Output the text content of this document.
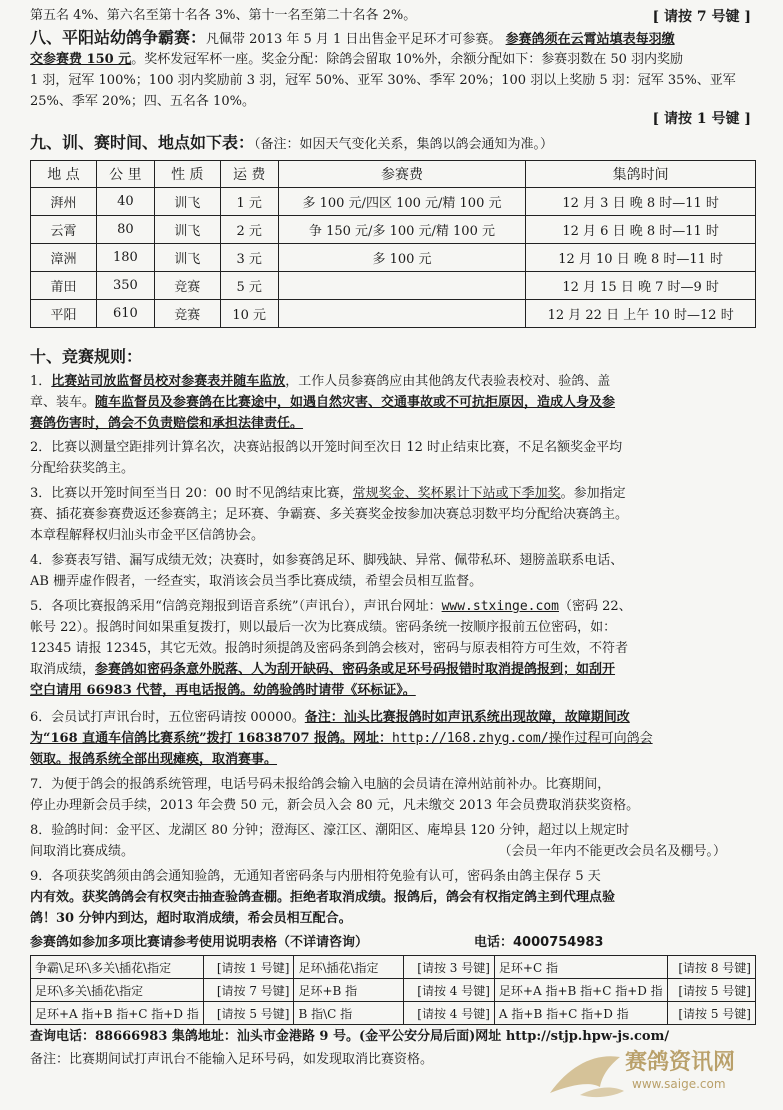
第五名 4%、第六名至第十名各 3%、第十一名至第二十名各 2%。	[ 请按 7 号键 ]
八、平阳站幼鸽争霸赛：凡佩带 2013 年 5 月 1 日出售金平足环才可参赛。 参赛鸽须在云霄站填表每羽缴
交参赛费 150 元。奖杯发冠军杯一座。奖金分配：除鸽会留取 10%外，余额分配如下：参赛羽数在 50 羽内奖励
1 羽，冠军 100%；100 羽内奖励前 3 羽，冠军 50%、亚军 30%、季军 20%；100 羽以上奖励 5 羽：冠军 35%、亚军
25%、季军 20%；四、五名各 10%。
[ 请按 1 号键 ]
九、训、赛时间、地点如下表：（备注：如因天气变化关系，集鸽以鸽会通知为准。）
地 点	公 里	性 质	运 费	参赛费	集鸽时间
湃州	40	训飞	1 元	多 100 元/四区 100 元/精 100 元	12 月 3 日 晚 8 时—11 时
云霄	80	训飞	2 元	争 150 元/多 100 元/精 100 元	12 月 6 日 晚 8 时—11 时
漳洲	180	训飞	3 元	多 100 元	12 月 10 日 晚 8 时—11 时
莆田	350	竞赛	5 元		12 月 15 日 晚 7 时—9 时
平阳	610	竞赛	10 元		12 月 22 日 上午 10 时—12 时
十、竞赛规则：
1．比赛站司放监督员校对参赛表并随车监放，工作人员参赛鸽应由其他鸽友代表验表校对、验鸽、盖
章、装车。随车监督员及参赛鸽在比赛途中，如遇自然灾害、交通事故或不可抗拒原因，造成人身及参
赛鸽伤害时，鸽会不负责赔偿和承担法律责任。
2．比赛以测量空距排列计算名次，决赛站报鸽以开笼时间至次日 12 时止结束比赛，不足名额奖金平均
分配给获奖鸽主。
3．比赛以开笼时间至当日 20：00 时不见鸽结束比赛，常规奖金、奖杯累计下站或下季加奖。参加指定
赛、插花赛参赛费返还参赛鸽主；足环赛、争霸赛、多关赛奖金按参加决赛总羽数平均分配给决赛鸽主。
本章程解释权归汕头市金平区信鸽协会。
4．参赛表写错、漏写成绩无效；决赛时，如参赛鸽足环、脚残缺、异常、佩带私环、翅膀盖联系电话、
AB 栅弄虚作假者，一经查实，取消该会员当季比赛成绩，希望会员相互监督。
5．各项比赛报鸽采用“信鸽竞翔报到语音系统”（声讯台），声讯台网址：www.stxinge.com（密码 22、
帐号 22）。报鸽时间如果重复拨打，则以最后一次为比赛成绩。密码条统一按顺序报前五位密码，如：
12345 请报 12345，其它无效。报鸽时须提鸽及密码条到鸽会核对，密码与原表相符方可生效，不符者
取消成绩，参赛鸽如密码条意外脱落、人为刮开缺码、密码条或足环号码报错时取消提鸽报到；如刮开
空白请用 66983 代替，再电话报鸽。幼鸽验鸽时请带《环标证》。
6．会员试打声讯台时，五位密码请按 00000。备注：汕头比赛报鸽时如声讯系统出现故障，故障期间改
为“168 直通车信鸽比赛系统”拨打 16838707 报鸽。网址：http://168.zhyg.com/操作过程可向鸽会
领取。报鸽系统全部出现瘫痪，取消赛事。
7．为便于鸽会的报鸽系统管理，电话号码未报给鸽会输入电脑的会员请在漳州站前补办。比赛期间，
停止办理新会员手续，2013 年会费 50 元，新会员入会 80 元，凡未缴交 2013 年会员费取消获奖资格。
8．验鸽时间：金平区、龙湖区 80 分钟；澄海区、濠江区、潮阳区、庵埠县 120 分钟，超过以上规定时
间取消比赛成绩。	（会员一年内不能更改会员名及棚号。）
9．各项获奖鸽须由鸽会通知验鸽，无通知者密码条与内册相符免验有认可，密码条由鸽主保存 5 天
内有效。获奖鸽鸽会有权突击抽查验鸽查棚。拒绝者取消成绩。报鸽后，鸽会有权指定鸽主到代理点验
鸽！30 分钟内到达，超时取消成绩，希会员相互配合。
参赛鸽如参加多项比赛请参考使用说明表格（不详请咨询）	电话：4000754983
争霸\足环\多关\插花\指定	[请按 1 号键]	足环\插花\指定	[请按 3 号键]	足环+C 指	[请按 8 号键]
足环\多关\插花\指定	[请按 7 号键]	足环+B 指	[请按 4 号键]	足环+A 指+B 指+C 指+D 指	[请按 5 号键]
足环+A 指+B 指+C 指+D 指	[请按 5 号键]	B 指\C 指	[请按 4 号键]	A 指+B 指+C 指+D 指	[请按 5 号键]
查询电话：88666983 集鸽地址：汕头市金港路 9 号。(金平公安分局后面)网址 http://stjp.hpw-js.com/
备注：比赛期间试打声讯台不能输入足环号码，如发现取消比赛资格。	赛鸽资讯网
www.saige.com
